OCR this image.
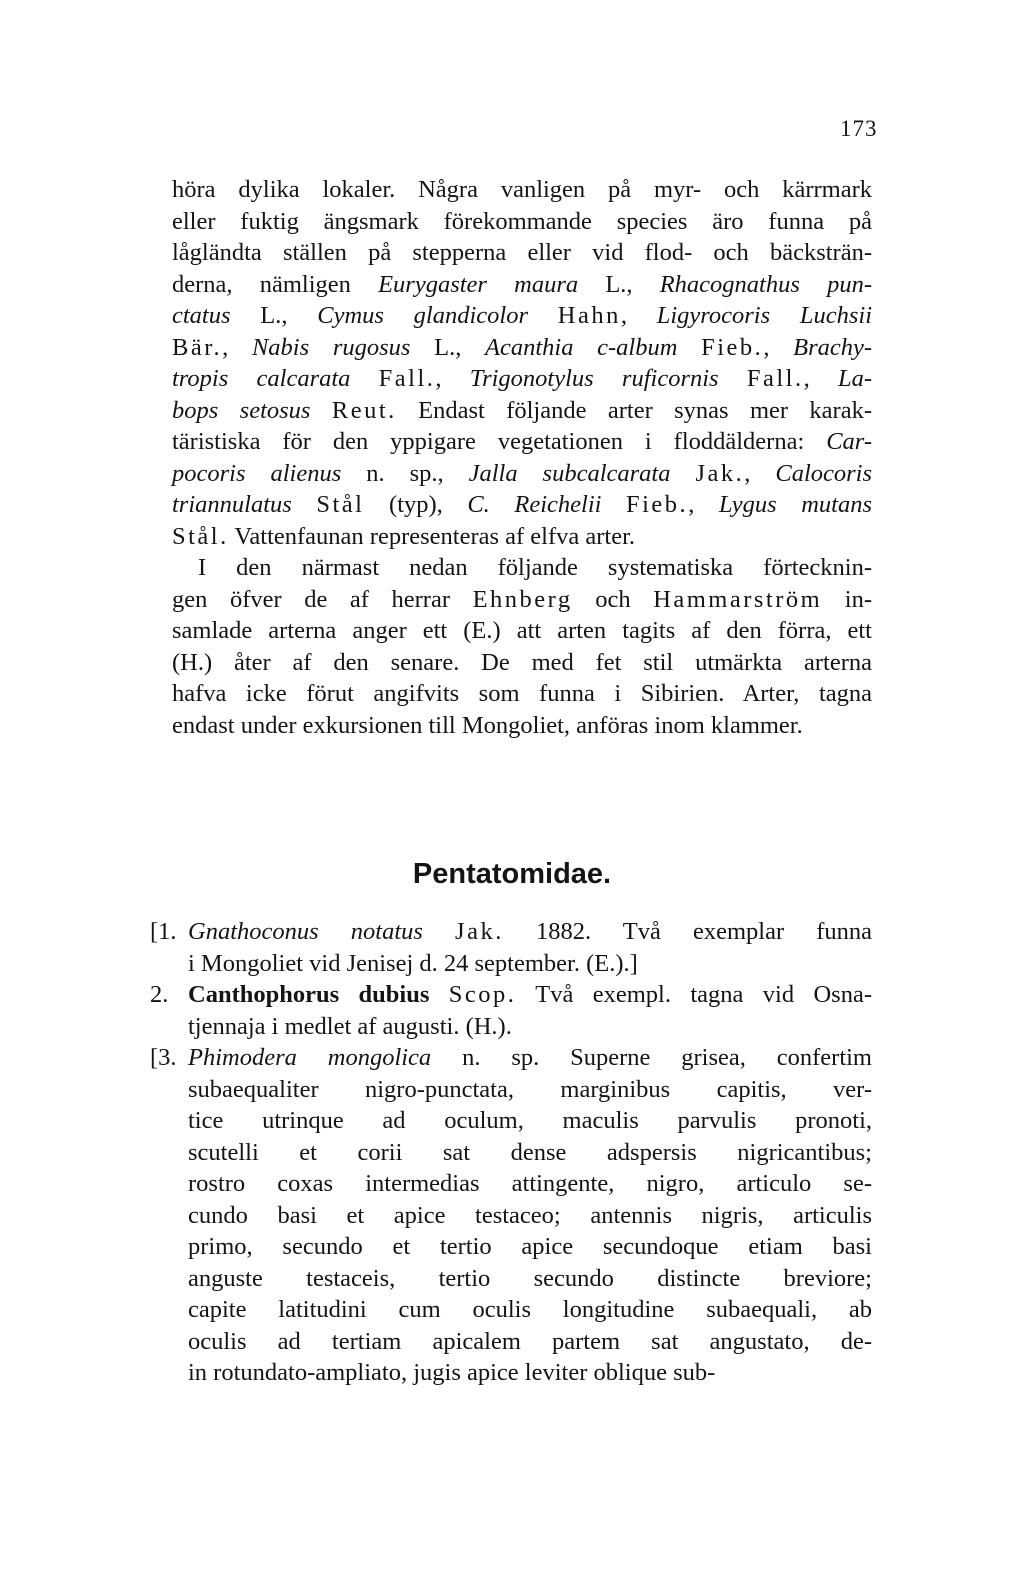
173
höra dylika lokaler. Några vanligen på myr- och kärrmark
eller fuktig ängsmark förekommande species äro funna på
lågländta ställen på stepperna eller vid flod- och bäcksträn-
derna, nämligen Eurygaster maura L., Rhacognathus pun-
ctatus L., Cymus glandicolor Hahn, Ligyrocoris Luchsii
Bär., Nabis rugosus L., Acanthia c-album Fieb., Brachy-
tropis calcarata Fall., Trigonotylus ruficornis Fall., La-
bops setosus Reut. Endast följande arter synas mer karak-
täristiska för den yppigare vegetationen i floddälderna: Car-
pocoris alienus n. sp., Jalla subcalcarata Jak., Calocoris
triannulatus Stål (typ), C. Reichelii Fieb., Lygus mutans
Stål. Vattenfaunan representeras af elfva arter.
I den närmast nedan följande systematiska förtecknin-
gen öfver de af herrar Ehnberg och Hammarström in-
samlade arterna anger ett (E.) att arten tagits af den förra, ett
(H.) åter af den senare. De med fet stil utmärkta arterna
hafva icke förut angifvits som funna i Sibirien. Arter, tagna
endast under exkursionen till Mongoliet, anföras inom klammer.
Pentatomidae.
[1. Gnathoconus notatus Jak. 1882. Två exemplar funna
i Mongoliet vid Jenisej d. 24 september. (E.).]
2. Canthophorus dubius Scop. Två exempl. tagna vid Osna-
tjennaja i medlet af augusti. (H.).
[3. Phimodera mongolica n. sp. Superne grisea, confertim
subaequaliter nigro-punctata, marginibus capitis, ver-
tice utrinque ad oculum, maculis parvulis pronoti,
scutelli et corii sat dense adspersis nigricantibus;
rostro coxas intermedias attingente, nigro, articulo se-
cundo basi et apice testaceo; antennis nigris, articulis
primo, secundo et tertio apice secundoque etiam basi
anguste testaceis, tertio secundo distincte breviore;
capite latitudini cum oculis longitudine subaequali, ab
oculis ad tertiam apicalem partem sat angustato, de-
in rotundato-ampliato, jugis apice leviter oblique sub-
